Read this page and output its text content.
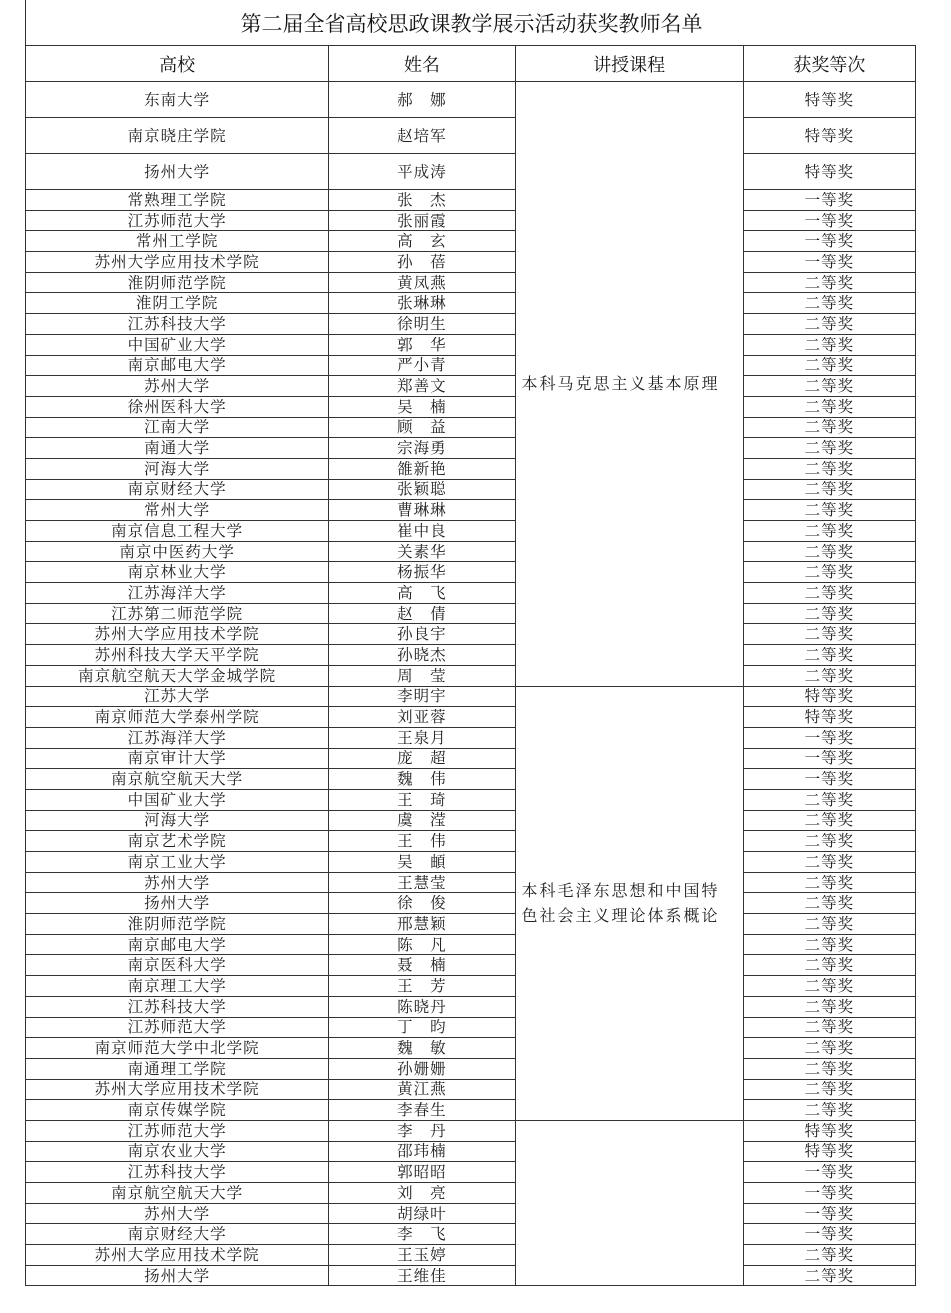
第二届全省高校思政课教学展示活动获奖教师名单
高校	姓名	讲授课程	获奖等次
东南大学	郝　娜	本科马克思主义基本原理	特等奖
南京晓庄学院	赵培军		特等奖
扬州大学	平成涛		特等奖
常熟理工学院	张　杰		一等奖
江苏师范大学	张丽霞		一等奖
常州工学院	高　玄		一等奖
苏州大学应用技术学院	孙　蓓		一等奖
淮阴师范学院	黄凤燕		二等奖
淮阴工学院	张琳琳		二等奖
江苏科技大学	徐明生		二等奖
中国矿业大学	郭　华		二等奖
南京邮电大学	严小青		二等奖
苏州大学	郑善文		二等奖
徐州医科大学	吴　楠		二等奖
江南大学	顾　益		二等奖
南通大学	宗海勇		二等奖
河海大学	雒新艳		二等奖
南京财经大学	张颖聪		二等奖
常州大学	曹琳琳		二等奖
南京信息工程大学	崔中良		二等奖
南京中医药大学	关素华		二等奖
南京林业大学	杨振华		二等奖
江苏海洋大学	高　飞		二等奖
江苏第二师范学院	赵　倩		二等奖
苏州大学应用技术学院	孙良宇		二等奖
苏州科技大学天平学院	孙晓杰		二等奖
南京航空航天大学金城学院	周　莹		二等奖
江苏大学	李明宇	本科毛泽东思想和中国特色社会主义理论体系概论	特等奖
南京师范大学泰州学院	刘亚蓉		特等奖
江苏海洋大学	王泉月		一等奖
南京审计大学	庞　超		一等奖
南京航空航天大学	魏　伟		一等奖
中国矿业大学	王　琦		二等奖
河海大学	虞　滢		二等奖
南京艺术学院	王　伟		二等奖
南京工业大学	吴　頔		二等奖
苏州大学	王慧莹		二等奖
扬州大学	徐　俊		二等奖
淮阴师范学院	邢慧颖		二等奖
南京邮电大学	陈　凡		二等奖
南京医科大学	聂　楠		二等奖
南京理工大学	王　芳		二等奖
江苏科技大学	陈晓丹		二等奖
江苏师范大学	丁　昀		二等奖
南京师范大学中北学院	魏　敏		二等奖
南通理工学院	孙姗姗		二等奖
苏州大学应用技术学院	黄江燕		二等奖
南京传媒学院	李春生		二等奖
江苏师范大学	李　丹		特等奖
南京农业大学	邵玮楠		特等奖
江苏科技大学	郭昭昭		一等奖
南京航空航天大学	刘　亮		一等奖
苏州大学	胡绿叶		一等奖
南京财经大学	李　飞		一等奖
苏州大学应用技术学院	王玉婷		二等奖
扬州大学	王维佳		二等奖
